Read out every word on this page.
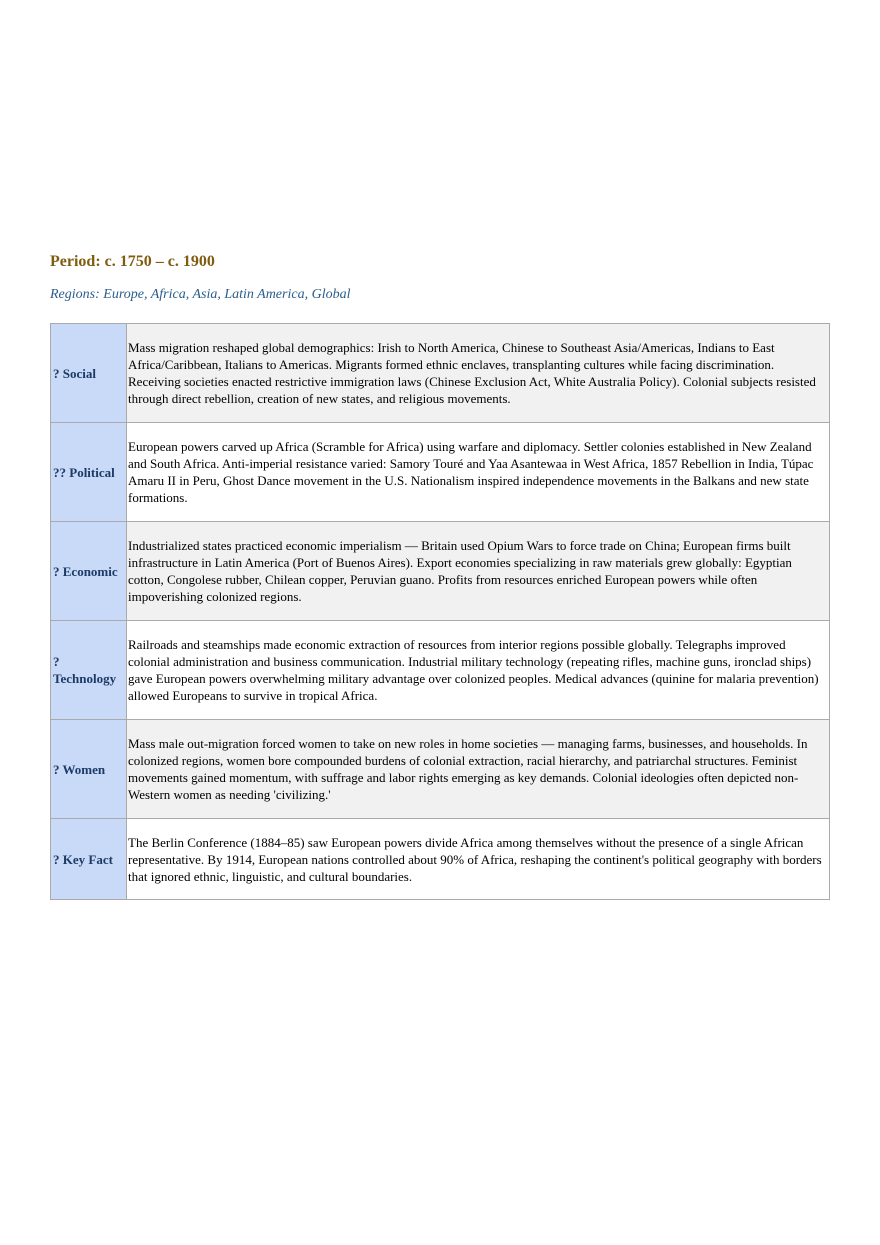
Period: c. 1750 – c. 1900
Regions: Europe, Africa, Asia, Latin America, Global
? Social	Mass migration reshaped global demographics: Irish to North America, Chinese to Southeast Asia/Americas, Indians to East Africa/Caribbean, Italians to Americas. Migrants formed ethnic enclaves, transplanting cultures while facing discrimination. Receiving societies enacted restrictive immigration laws (Chinese Exclusion Act, White Australia Policy). Colonial subjects resisted through direct rebellion, creation of new states, and religious movements.
?? Political	European powers carved up Africa (Scramble for Africa) using warfare and diplomacy. Settler colonies established in New Zealand and South Africa. Anti-imperial resistance varied: Samory Touré and Yaa Asantewaa in West Africa, 1857 Rebellion in India, Túpac Amaru II in Peru, Ghost Dance movement in the U.S. Nationalism inspired independence movements in the Balkans and new state formations.
? Economic	Industrialized states practiced economic imperialism — Britain used Opium Wars to force trade on China; European firms built infrastructure in Latin America (Port of Buenos Aires). Export economies specializing in raw materials grew globally: Egyptian cotton, Congolese rubber, Chilean copper, Peruvian guano. Profits from resources enriched European powers while often impoverishing colonized regions.
? Technology	Railroads and steamships made economic extraction of resources from interior regions possible globally. Telegraphs improved colonial administration and business communication. Industrial military technology (repeating rifles, machine guns, ironclad ships) gave European powers overwhelming military advantage over colonized peoples. Medical advances (quinine for malaria prevention) allowed Europeans to survive in tropical Africa.
? Women	Mass male out-migration forced women to take on new roles in home societies — managing farms, businesses, and households. In colonized regions, women bore compounded burdens of colonial extraction, racial hierarchy, and patriarchal structures. Feminist movements gained momentum, with suffrage and labor rights emerging as key demands. Colonial ideologies often depicted non-Western women as needing 'civilizing.'
? Key Fact	The Berlin Conference (1884–85) saw European powers divide Africa among themselves without the presence of a single African representative. By 1914, European nations controlled about 90% of Africa, reshaping the continent's political geography with borders that ignored ethnic, linguistic, and cultural boundaries.
